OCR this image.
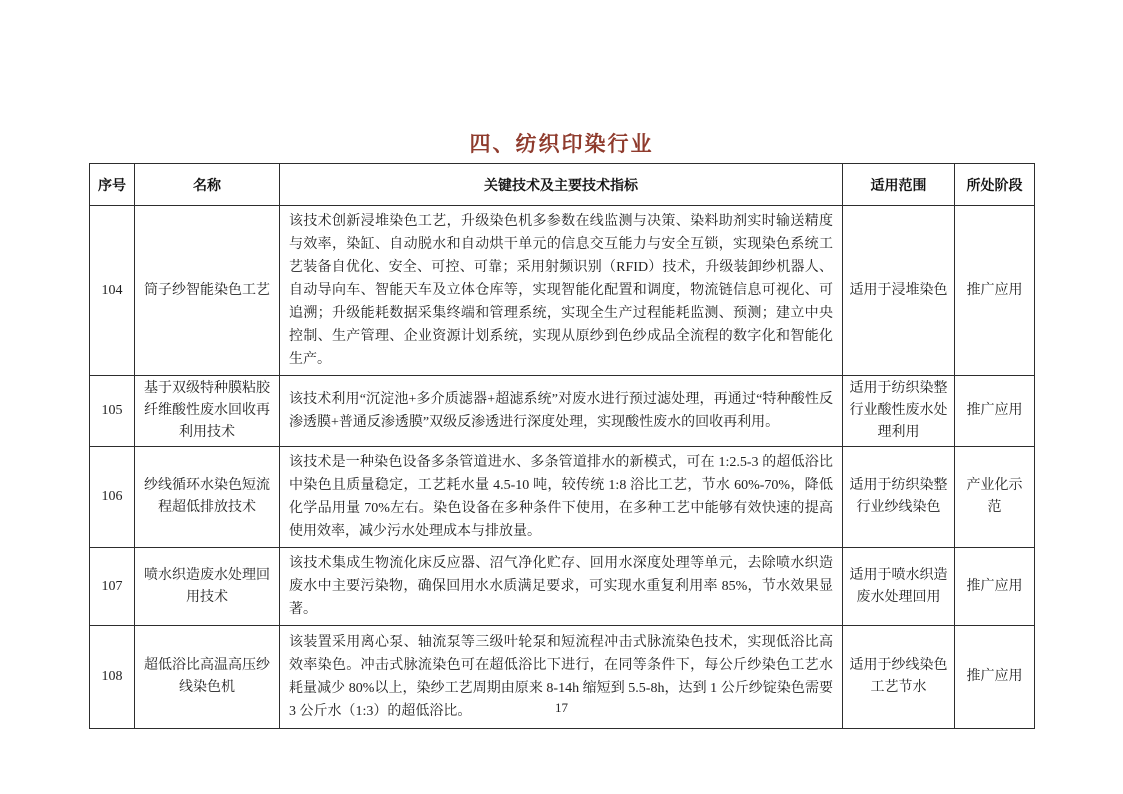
四、纺织印染行业
序号	名称	关键技术及主要技术指标	适用范围	所处阶段
104	筒子纱智能染色工艺	该技术创新浸堆染色工艺，升级染色机多参数在线监测与决策、染料助剂实时输送精度与效率，染缸、自动脱水和自动烘干单元的信息交互能力与安全互锁，实现染色系统工艺装备自优化、安全、可控、可靠；采用射频识别（RFID）技术，升级装卸纱机器人、自动导向车、智能天车及立体仓库等，实现智能化配置和调度，物流链信息可视化、可追溯；升级能耗数据采集终端和管理系统，实现全生产过程能耗监测、预测；建立中央控制、生产管理、企业资源计划系统，实现从原纱到色纱成品全流程的数字化和智能化生产。	适用于浸堆染色	推广应用
105	基于双级特种膜粘胶纤维酸性废水回收再利用技术	该技术利用“沉淀池+多介质滤器+超滤系统”对废水进行预过滤处理，再通过“特种酸性反渗透膜+普通反渗透膜”双级反渗透进行深度处理，实现酸性废水的回收再利用。	适用于纺织染整行业酸性废水处理利用	推广应用
106	纱线循环水染色短流程超低排放技术	该技术是一种染色设备多条管道进水、多条管道排水的新模式，可在 1:2.5-3 的超低浴比中染色且质量稳定，工艺耗水量 4.5-10 吨，较传统 1:8 浴比工艺，节水 60%-70%，降低化学品用量 70%左右。染色设备在多种条件下使用，在多种工艺中能够有效快速的提高使用效率，减少污水处理成本与排放量。	适用于纺织染整行业纱线染色	产业化示范
107	喷水织造废水处理回用技术	该技术集成生物流化床反应器、沼气净化贮存、回用水深度处理等单元，去除喷水织造废水中主要污染物，确保回用水水质满足要求，可实现水重复利用率 85%，节水效果显著。	适用于喷水织造废水处理回用	推广应用
108	超低浴比高温高压纱线染色机	该装置采用离心泵、轴流泵等三级叶轮泵和短流程冲击式脉流染色技术，实现低浴比高效率染色。冲击式脉流染色可在超低浴比下进行，在同等条件下，每公斤纱染色工艺水耗量减少 80%以上，染纱工艺周期由原来 8-14h 缩短到 5.5-8h，达到 1 公斤纱锭染色需要 3 公斤水（1:3）的超低浴比。	适用于纱线染色工艺节水	推广应用
17
